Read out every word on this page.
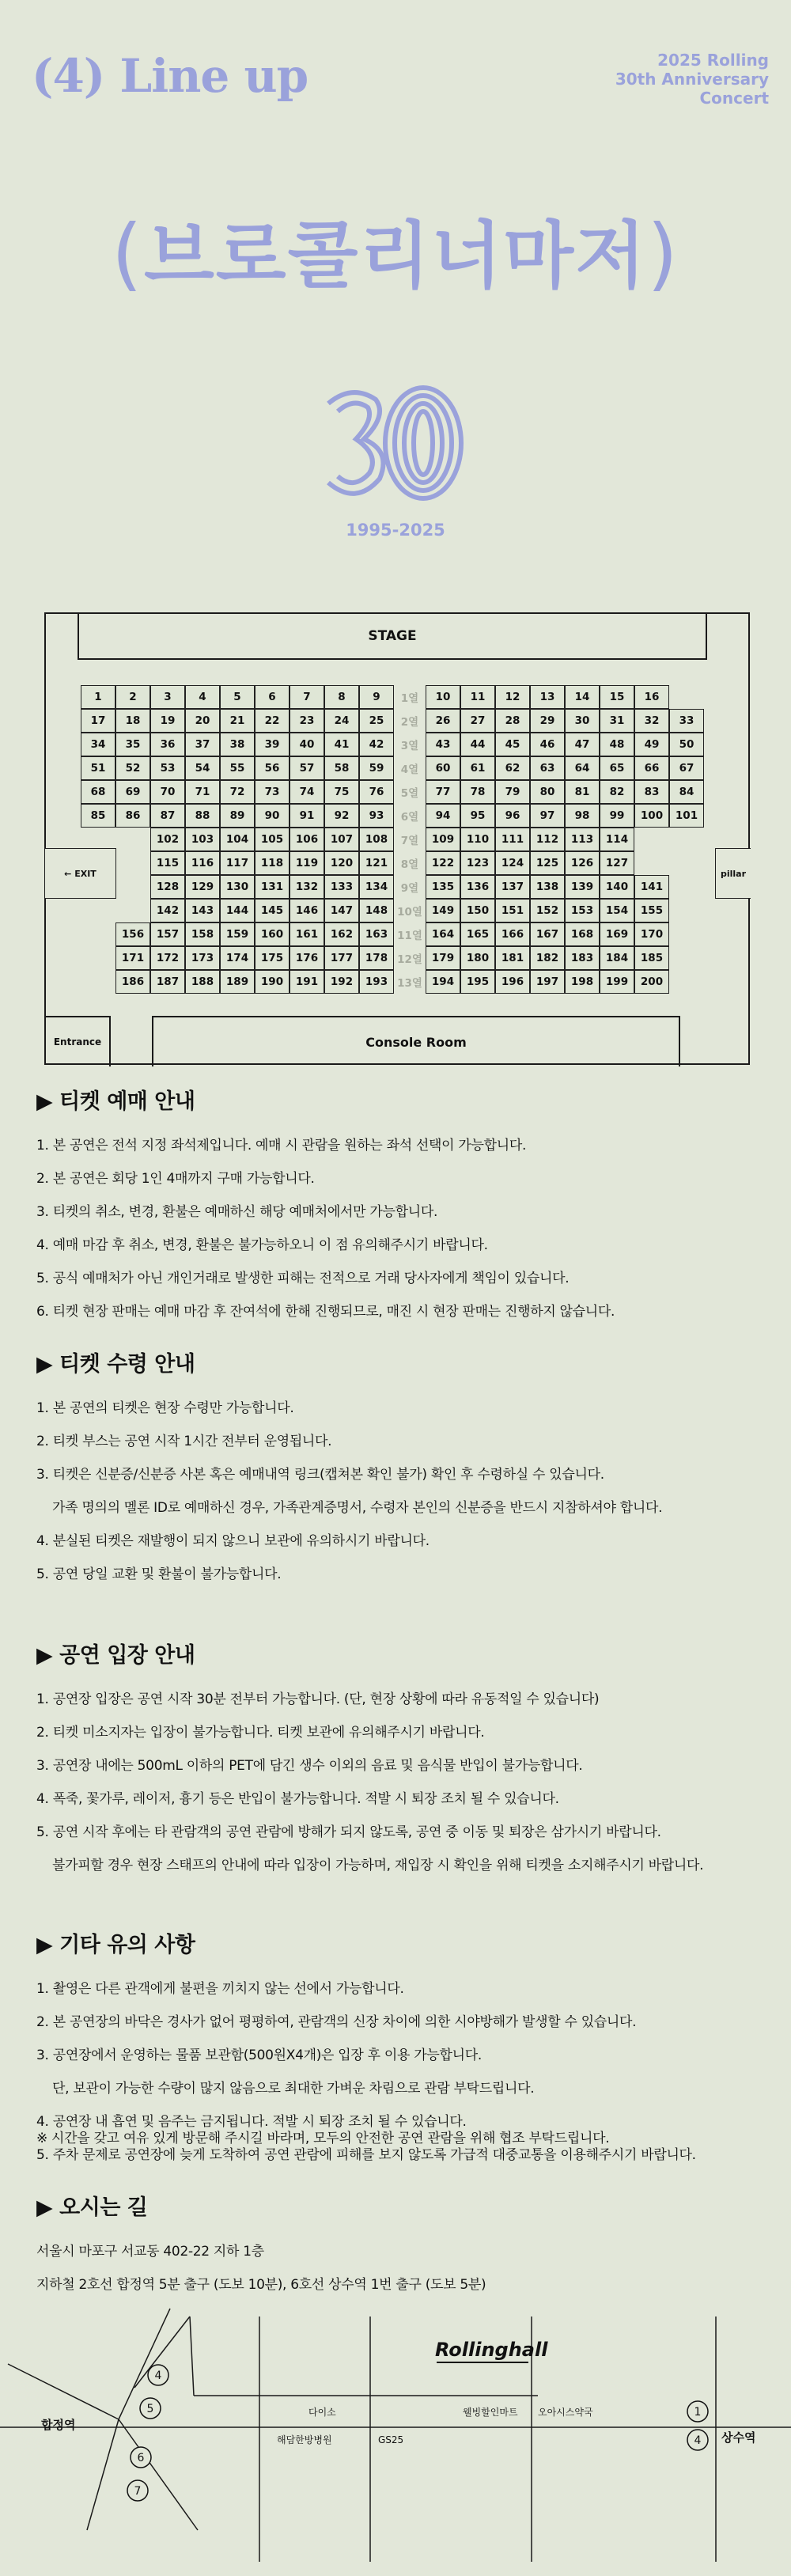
(4) Line up	2025 Rolling
30th Anniversary
Concert
(브로콜리너마저)
30
1995-2025
STAGE
← EXIT	pillar
1	2	3	4	5	6	7	8	9	1열	10	11	12	13	14	15	16
17	18	19	20	21	22	23	24	25	2열	26	27	28	29	30	31	32	33
34	35	36	37	38	39	40	41	42	3열	43	44	45	46	47	48	49	50
51	52	53	54	55	56	57	58	59	4열	60	61	62	63	64	65	66	67
68	69	70	71	72	73	74	75	76	5열	77	78	79	80	81	82	83	84
85	86	87	88	89	90	91	92	93	6열	94	95	96	97	98	99	100	101
102	103	104	105	106	107	108	7열	109	110	111	112	113	114
115	116	117	118	119	120	121	8열	122	123	124	125	126	127
128	129	130	131	132	133	134	9열	135	136	137	138	139	140	141
142	143	144	145	146	147	148 10열 149	150	151	152	153	154	155
156	157	158	159	160	161	162	163 11열 164	165	166	167	168	169	170
171	172	173	174	175	176	177	178 12열 179	180	181	182	183	184	185
186	187	188	189	190	191	192	193 13열 194	195	196	197	198	199	200
Entrance	Console Room
▶ 티켓 예매 안내

1. 본 공연은 전석 지정 좌석제입니다. 예매 시 관람을 원하는 좌석 선택이 가능합니다.

2. 본 공연은 회당 1인 4매까지 구매 가능합니다.

3. 티켓의 취소, 변경, 환불은 예매하신 해당 예매처에서만 가능합니다.

4. 예매 마감 후 취소, 변경, 환불은 불가능하오니 이 점 유의해주시기 바랍니다.

5. 공식 예매처가 아닌 개인거래로 발생한 피해는 전적으로 거래 당사자에게 책임이 있습니다.

6. 티켓 현장 판매는 예매 마감 후 잔여석에 한해 진행되므로, 매진 시 현장 판매는 진행하지 않습니다.

▶ 티켓 수령 안내

1. 본 공연의 티켓은 현장 수령만 가능합니다.

2. 티켓 부스는 공연 시작 1시간 전부터 운영됩니다.

3. 티켓은 신분증/신분증 사본 혹은 예매내역 링크(캡쳐본 확인 불가) 확인 후 수령하실 수 있습니다.

가족 명의의 멜론 ID로 예매하신 경우, 가족관계증명서, 수령자 본인의 신분증을 반드시 지참하셔야 합니다.

4. 분실된 티켓은 재발행이 되지 않으니 보관에 유의하시기 바랍니다.

5. 공연 당일 교환 및 환불이 불가능합니다.

▶ 공연 입장 안내

1. 공연장 입장은 공연 시작 30분 전부터 가능합니다. (단, 현장 상황에 따라 유동적일 수 있습니다)

2. 티켓 미소지자는 입장이 불가능합니다. 티켓 보관에 유의해주시기 바랍니다.

3. 공연장 내에는 500mL 이하의 PET에 담긴 생수 이외의 음료 및 음식물 반입이 불가능합니다.

4. 폭죽, 꽃가루, 레이저, 흉기 등은 반입이 불가능합니다. 적발 시 퇴장 조치 될 수 있습니다.

5. 공연 시작 후에는 타 관람객의 공연 관람에 방해가 되지 않도록, 공연 중 이동 및 퇴장은 삼가시기 바랍니다.

불가피할 경우 현장 스태프의 안내에 따라 입장이 가능하며, 재입장 시 확인을 위해 티켓을 소지해주시기 바랍니다.

▶ 기타 유의 사항

1. 촬영은 다른 관객에게 불편을 끼치지 않는 선에서 가능합니다.

2. 본 공연장의 바닥은 경사가 없어 평평하여, 관람객의 신장 차이에 의한 시야방해가 발생할 수 있습니다.

3. 공연장에서 운영하는 물품 보관함(500원X4개)은 입장 후 이용 가능합니다.

단, 보관이 가능한 수량이 많지 않음으로 최대한 가벼운 차림으로 관람 부탁드립니다.

4. 공연장 내 흡연 및 음주는 금지됩니다. 적발 시 퇴장 조치 될 수 있습니다.

5. 주차 문제로 공연장에 늦게 도착하여 공연 관람에 피해를 보지 않도록 가급적 대중교통을 이용해주시기 바랍니다.

※ 시간을 갖고 여유 있게 방문해 주시길 바라며, 모두의 안전한 공연 관람을 위해 협조 부탁드립니다.
▶ 오시는 길

서울시 마포구 서교동 402-22 지하 1층

지하철 2호선 합정역 5분 출구 (도보 10분), 6호선 상수역 1번 출구 (도보 5분)

Rollinghall
합정역
상수역
다이소	웰빙할인마트 오아시스약국
해담한방병원	GS25
4
5
6
7
1
4
